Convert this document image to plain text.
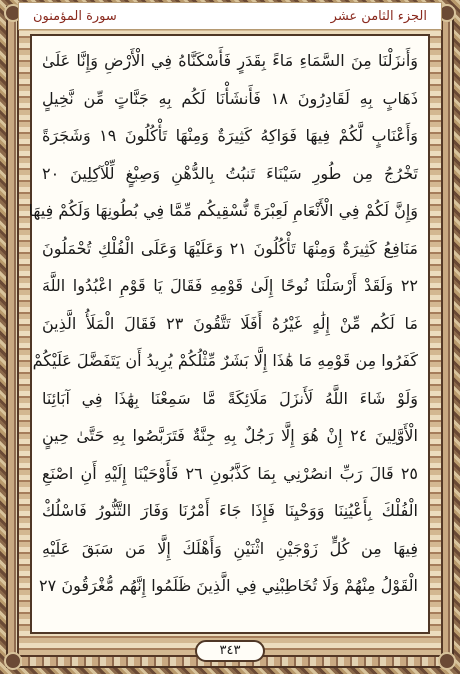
الجزء الثامن عشر
سورة المؤمنون
وَأَنزَلْنَا مِنَ السَّمَاءِ مَاءً بِقَدَرٍ فَأَسْكَنَّاهُ فِي الْأَرْضِ وَإِنَّا عَلَىٰ
ذَهَابٍ بِهِ لَقَادِرُونَ ١٨ فَأَنشَأْنَا لَكُم بِهِ جَنَّاتٍ مِّن نَّخِيلٍ
وَأَعْنَابٍ لَّكُمْ فِيهَا فَوَاكِهُ كَثِيرَةٌ وَمِنْهَا تَأْكُلُونَ ١٩ وَشَجَرَةً
تَخْرُجُ مِن طُورِ سَيْنَاءَ تَنبُتُ بِالدُّهْنِ وَصِبْغٍ لِّلْآكِلِينَ ٢٠
وَإِنَّ لَكُمْ فِي الْأَنْعَامِ لَعِبْرَةً نُّسْقِيكُم مِّمَّا فِي بُطُونِهَا وَلَكُمْ فِيهَا
مَنَافِعُ كَثِيرَةٌ وَمِنْهَا تَأْكُلُونَ ٢١ وَعَلَيْهَا وَعَلَى الْفُلْكِ تُحْمَلُونَ
٢٢ وَلَقَدْ أَرْسَلْنَا نُوحًا إِلَىٰ قَوْمِهِ فَقَالَ يَا قَوْمِ اعْبُدُوا اللَّهَ
مَا لَكُم مِّنْ إِلَٰهٍ غَيْرُهُ أَفَلَا تَتَّقُونَ ٢٣ فَقَالَ الْمَلَأُ الَّذِينَ
كَفَرُوا مِن قَوْمِهِ مَا هَٰذَا إِلَّا بَشَرٌ مِّثْلُكُمْ يُرِيدُ أَن يَتَفَضَّلَ عَلَيْكُمْ
وَلَوْ شَاءَ اللَّهُ لَأَنزَلَ مَلَائِكَةً مَّا سَمِعْنَا بِهَٰذَا فِي آبَائِنَا
الْأَوَّلِينَ ٢٤ إِنْ هُوَ إِلَّا رَجُلٌ بِهِ جِنَّةٌ فَتَرَبَّصُوا بِهِ حَتَّىٰ حِينٍ
٢٥ قَالَ رَبِّ انصُرْنِي بِمَا كَذَّبُونِ ٢٦ فَأَوْحَيْنَا إِلَيْهِ أَنِ اصْنَعِ
الْفُلْكَ بِأَعْيُنِنَا وَوَحْيِنَا فَإِذَا جَاءَ أَمْرُنَا وَفَارَ التَّنُّورُ فَاسْلُكْ
فِيهَا مِن كُلٍّ زَوْجَيْنِ اثْنَيْنِ وَأَهْلَكَ إِلَّا مَن سَبَقَ عَلَيْهِ
الْقَوْلُ مِنْهُمْ وَلَا تُخَاطِبْنِي فِي الَّذِينَ ظَلَمُوا إِنَّهُم مُّغْرَقُونَ ٢٧
٣٤٣
